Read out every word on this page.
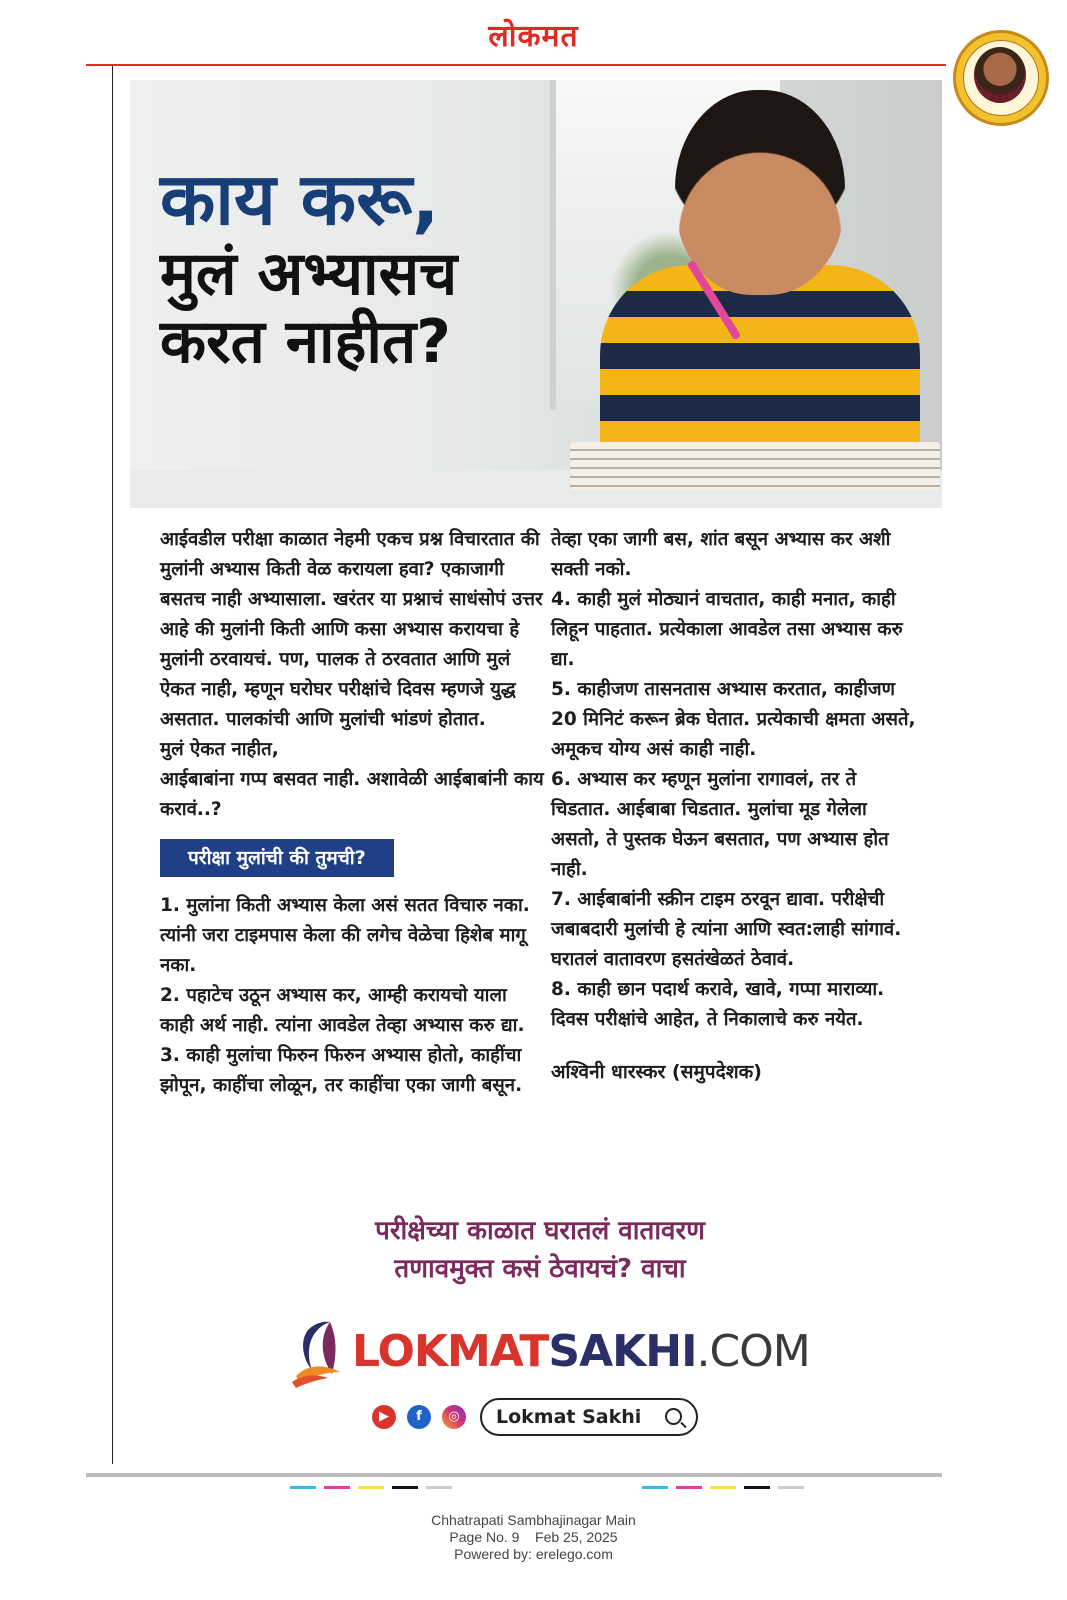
लोकमत
काय करू,
मुलं अभ्यासच
करत नाहीत?

आईवडील परीक्षा काळात नेहमी एकच प्रश्न विचारतात की मुलांनी अभ्यास किती वेळ करायला हवा? एकाजागी बसतच नाही अभ्यासाला. खरंतर या प्रश्नाचं साधंसोपं उत्तर आहे की मुलांनी किती आणि कसा अभ्यास करायचा हे मुलांनी ठरवायचं. पण, पालक ते ठरवतात आणि मुलं ऐकत नाही, म्हणून घरोघर परीक्षांचे दिवस म्हणजे युद्ध असतात. पालकांची आणि मुलांची भांडणं होतात.

मुलं ऐकत नाहीत,

आईबाबांना गप्प बसवत नाही. अशावेळी आईबाबांनी काय करावं..?

परीक्षा मुलांची की तुमची?

1. मुलांना किती अभ्यास केला असं सतत विचारु नका. त्यांनी जरा टाइमपास केला की लगेच वेळेचा हिशेब मागू नका.

2. पहाटेच उठून अभ्यास कर, आम्ही करायचो याला काही अर्थ नाही. त्यांना आवडेल तेव्हा अभ्यास करु द्या.

3. काही मुलांचा फिरुन फिरुन अभ्यास होतो, काहींचा झोपून, काहींचा लोळून, तर काहींचा एका जागी बसून.

तेव्हा एका जागी बस, शांत बसून अभ्यास कर अशी सक्ती नको.

4. काही मुलं मोठ्यानं वाचतात, काही मनात, काही लिहून पाहतात. प्रत्येकाला आवडेल तसा अभ्यास करु द्या.

5. काहीजण तासनतास अभ्यास करतात, काहीजण 20 मिनिटं करून ब्रेक घेतात. प्रत्येकाची क्षमता असते, अमूकच योग्य असं काही नाही.

6. अभ्यास कर म्हणून मुलांना रागावलं, तर ते चिडतात. आईबाबा चिडतात. मुलांचा मूड गेलेला असतो, ते पुस्तक घेऊन बसतात, पण अभ्यास होत नाही.

7. आईबाबांनी स्क्रीन टाइम ठरवून द्यावा. परीक्षेची जबाबदारी मुलांची हे त्यांना आणि स्वत:लाही सांगावं. घरातलं वातावरण हसतंखेळतं ठेवावं.

8. काही छान पदार्थ करावे, खावे, गप्पा माराव्या. दिवस परीक्षांचे आहेत, ते निकालाचे करु नयेत.

अश्विनी धारस्कर (समुपदेशक)
परीक्षेच्या काळात घरातलं वातावरण
तणावमुक्त कसं ठेवायचं? वाचा
LOKMATSAKHI.COM
▶	f	◎	Lokmat Sakhi
Chhatrapati Sambhajinagar Main
Page No. 9 Feb 25, 2025
Powered by: erelego.com
